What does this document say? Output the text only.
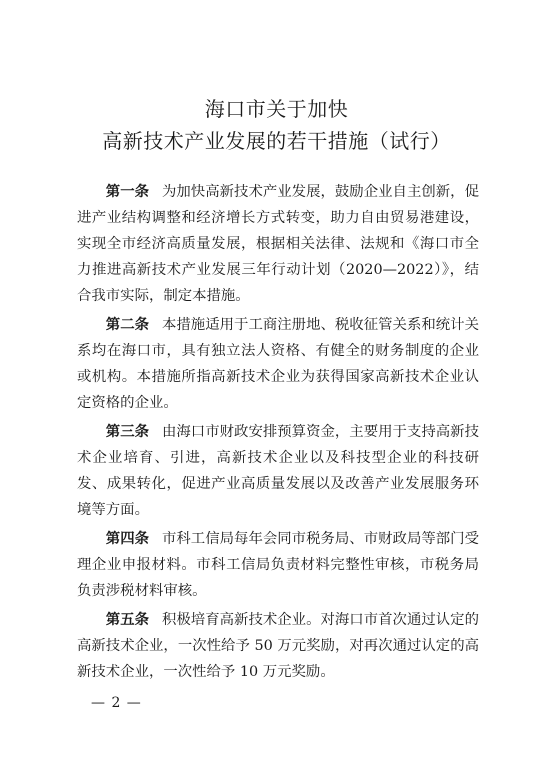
海口市关于加快
高新技术产业发展的若干措施（试行）

第一条 为加快高新技术产业发展，鼓励企业自主创新，促进产业结构调整和经济增长方式转变，助力自由贸易港建设，实现全市经济高质量发展，根据相关法律、法规和《海口市全力推进高新技术产业发展三年行动计划（2020—2022）》，结合我市实际，制定本措施。

第二条 本措施适用于工商注册地、税收征管关系和统计关系均在海口市，具有独立法人资格、有健全的财务制度的企业或机构。本措施所指高新技术企业为获得国家高新技术企业认定资格的企业。

第三条 由海口市财政安排预算资金，主要用于支持高新技术企业培育、引进，高新技术企业以及科技型企业的科技研发、成果转化，促进产业高质量发展以及改善产业发展服务环境等方面。

第四条 市科工信局每年会同市税务局、市财政局等部门受理企业申报材料。市科工信局负责材料完整性审核，市税务局负责涉税材料审核。

第五条 积极培育高新技术企业。对海口市首次通过认定的高新技术企业，一次性给予 50 万元奖励，对再次通过认定的高新技术企业，一次性给予 10 万元奖励。

— 2 —
